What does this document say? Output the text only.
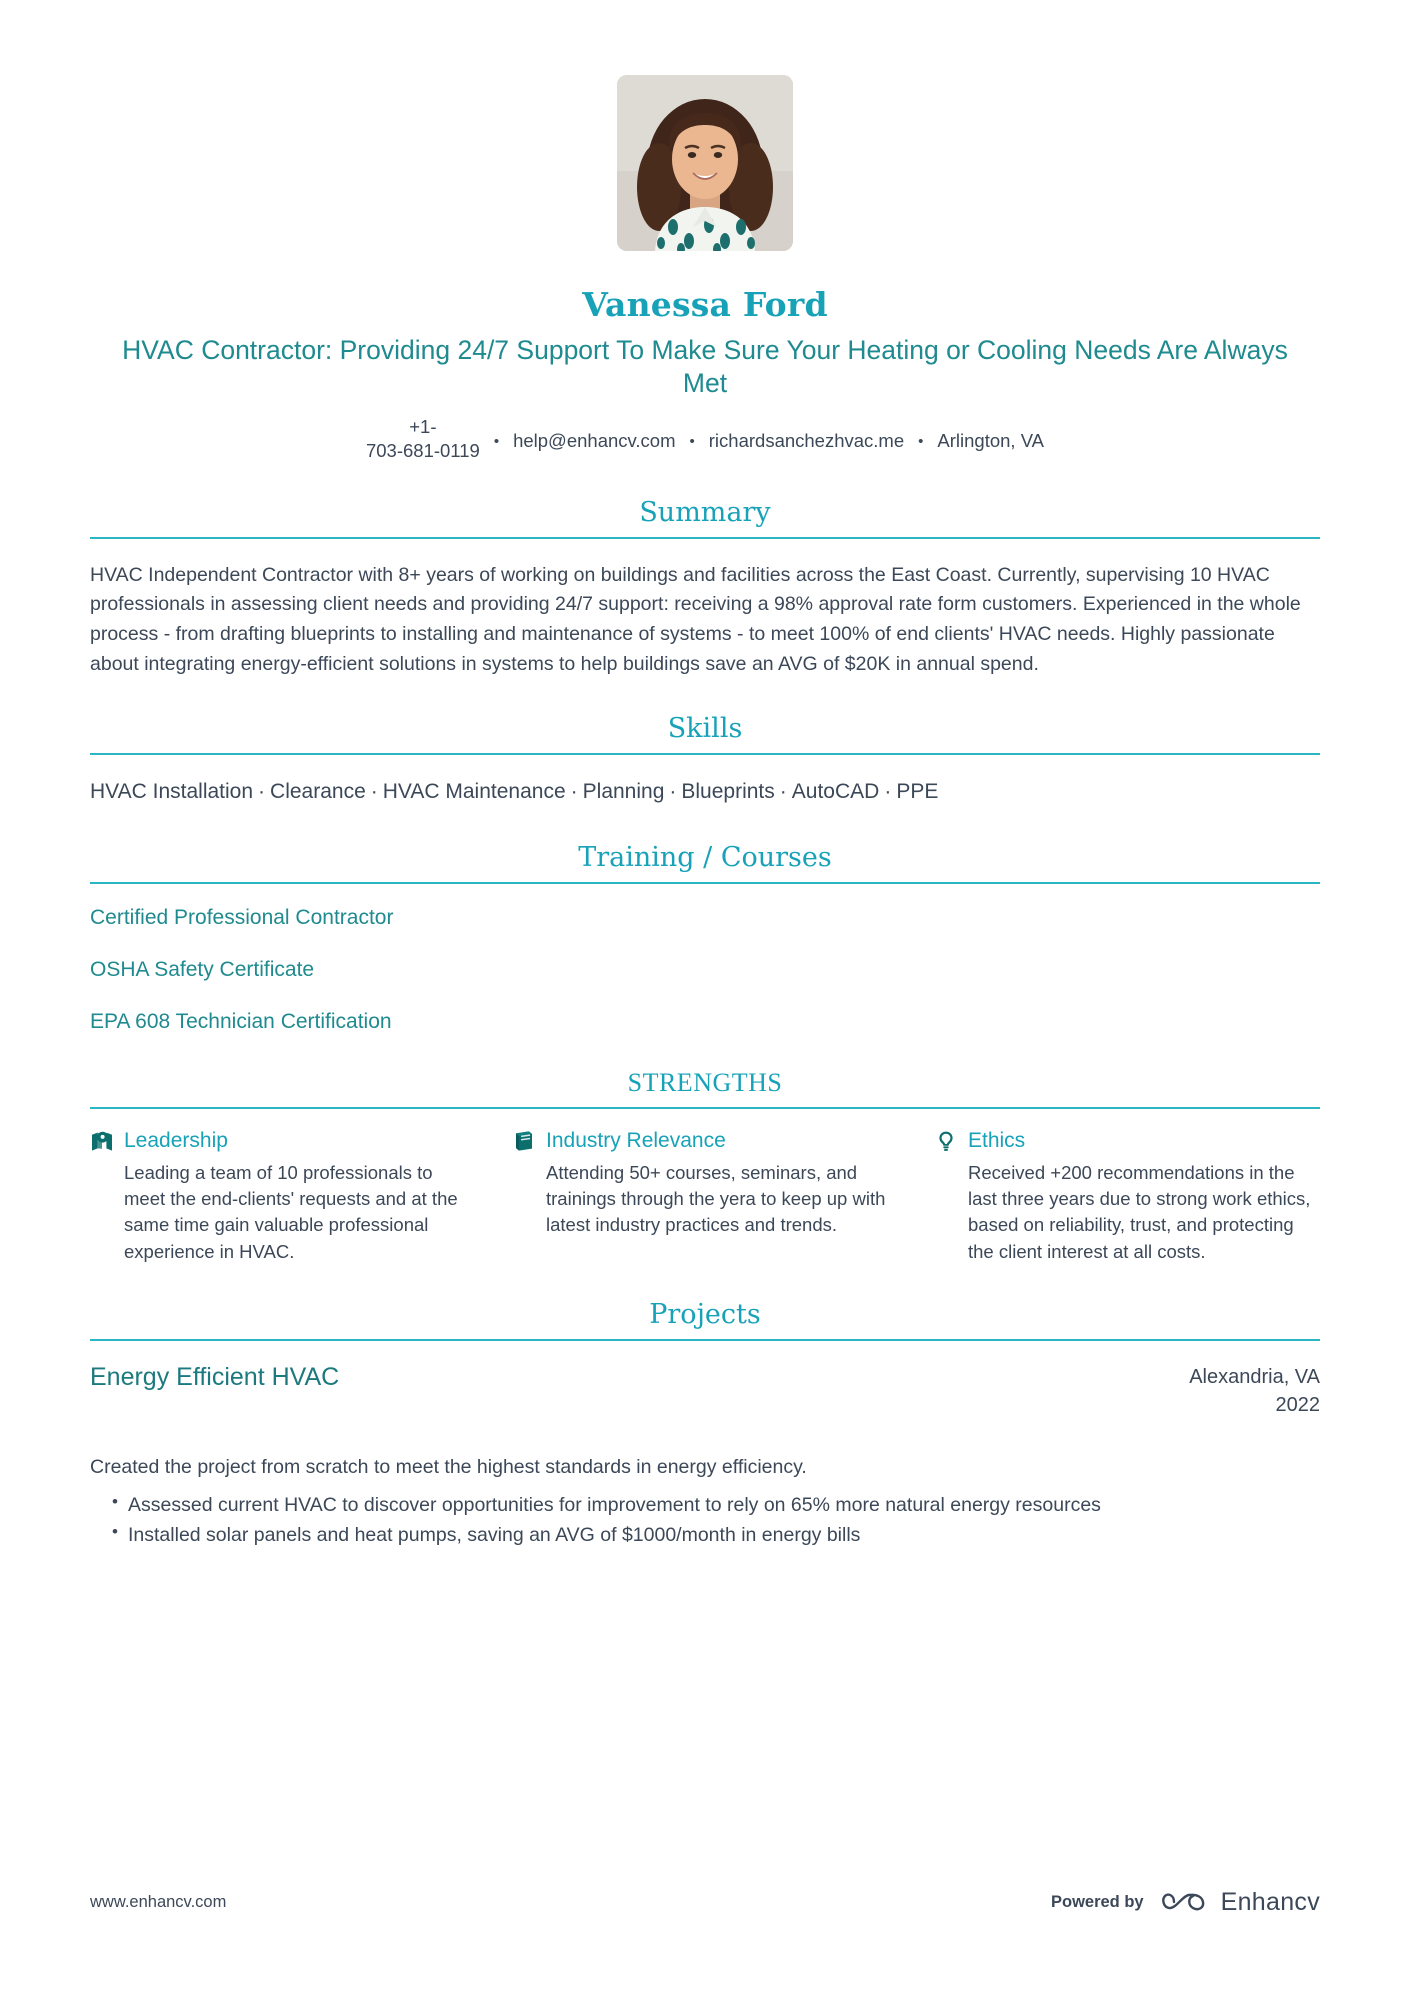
Vanessa Ford
HVAC Contractor: Providing 24/7 Support To Make Sure Your Heating or Cooling Needs Are Always Met
+1-
703-681-0119 • help@enhancv.com • richardsanchezhvac.me • Arlington, VA
Summary
HVAC Independent Contractor with 8+ years of working on buildings and facilities across the East Coast. Currently, supervising 10 HVAC professionals in assessing client needs and providing 24/7 support: receiving a 98% approval rate form customers. Experienced in the whole process - from drafting blueprints to installing and maintenance of systems - to meet 100% of end clients' HVAC needs. Highly passionate about integrating energy-efficient solutions in systems to help buildings save an AVG of $20K in annual spend.
Skills
HVAC Installation · Clearance · HVAC Maintenance · Planning · Blueprints · AutoCAD · PPE
Training / Courses
Certified Professional Contractor
OSHA Safety Certificate
EPA 608 Technician Certification
STRENGTHS
Leadership
Leading a team of 10 professionals to meet the end-clients' requests and at the same time gain valuable professional experience in HVAC.
Industry Relevance
Attending 50+ courses, seminars, and trainings through the yera to keep up with latest industry practices and trends.
Ethics
Received +200 recommendations in the last three years due to strong work ethics, based on reliability, trust, and protecting the client interest at all costs.
Projects
Energy Efficient HVAC	Alexandria, VA
2022
Created the project from scratch to meet the highest standards in energy efficiency.
• Assessed current HVAC to discover opportunities for improvement to rely on 65% more natural energy resources
• Installed solar panels and heat pumps, saving an AVG of $1000/month in energy bills
www.enhancv.com	Powered by	Enhancv
